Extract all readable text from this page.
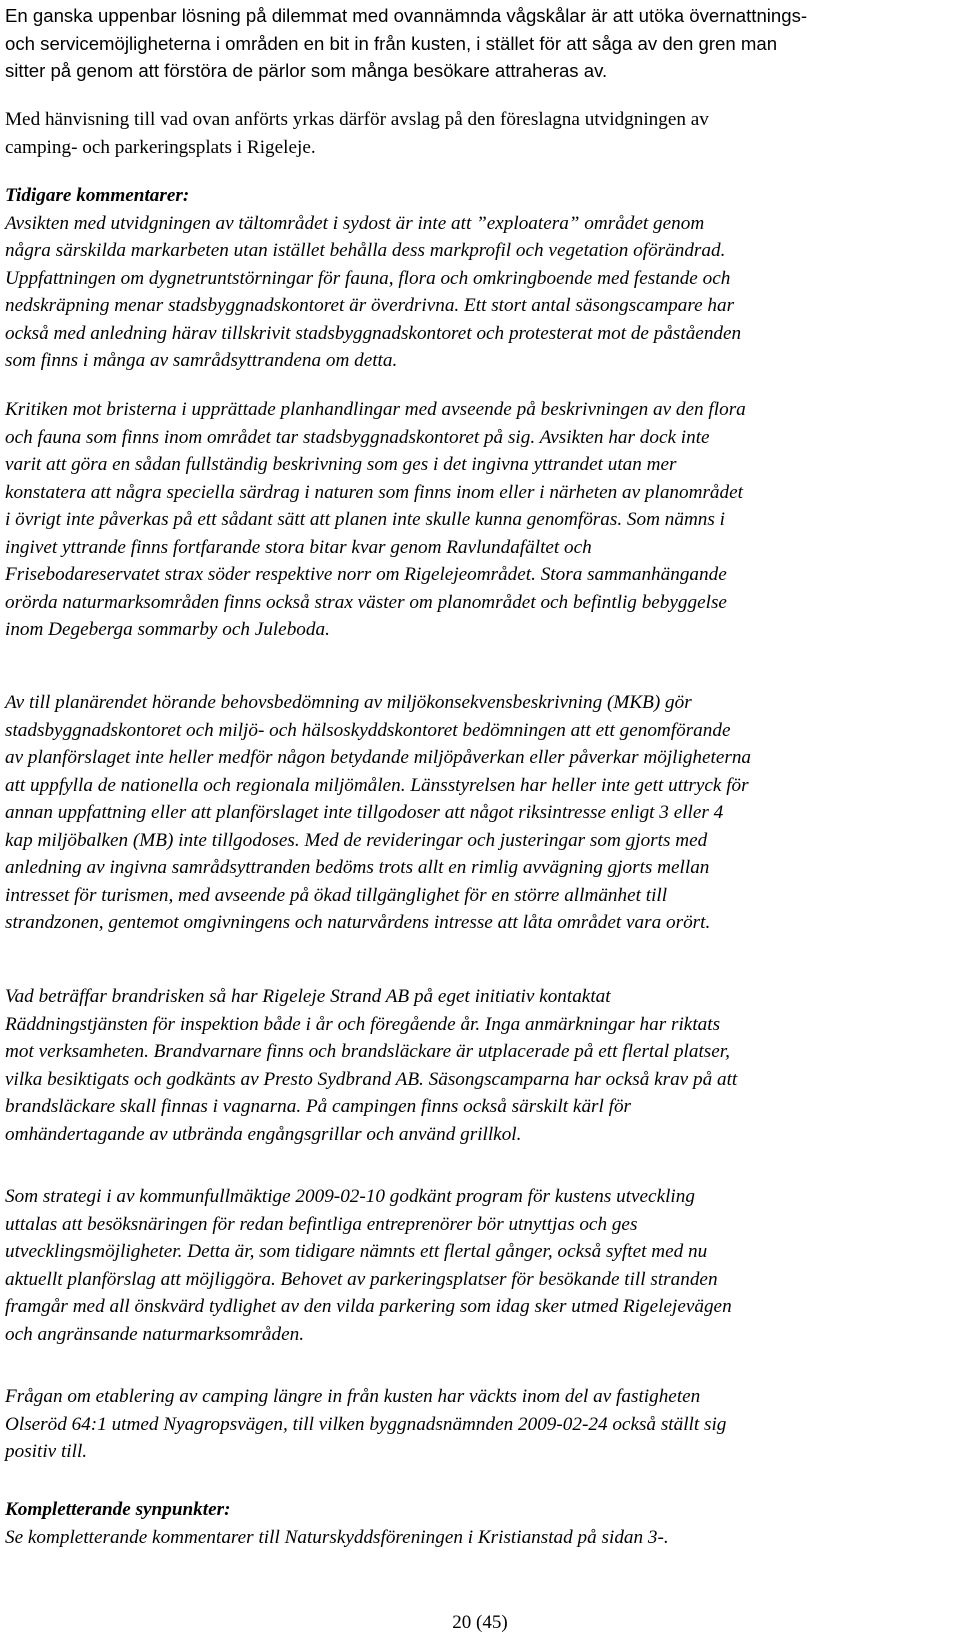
En ganska uppenbar lösning på dilemmat med ovannämnda vågskålar är att utöka övernattnings-
och servicemöjligheterna i områden en bit in från kusten, i stället för att såga av den gren man
sitter på genom att förstöra de pärlor som många besökare attraheras av.
Med hänvisning till vad ovan anförts yrkas därför avslag på den föreslagna utvidgningen av
camping- och parkeringsplats i Rigeleje.
Tidigare kommentarer:
Avsikten med utvidgningen av tältområdet i sydost är inte att ”exploatera” området genom
några särskilda markarbeten utan istället behålla dess markprofil och vegetation oförändrad.
Uppfattningen om dygnetruntstörningar för fauna, flora och omkringboende med festande och
nedskräpning menar stadsbyggnadskontoret är överdrivna. Ett stort antal säsongscampare har
också med anledning härav tillskrivit stadsbyggnadskontoret och protesterat mot de påståenden
som finns i många av samrådsyttrandena om detta.
Kritiken mot bristerna i upprättade planhandlingar med avseende på beskrivningen av den flora
och fauna som finns inom området tar stadsbyggnadskontoret på sig. Avsikten har dock inte
varit att göra en sådan fullständig beskrivning som ges i det ingivna yttrandet utan mer
konstatera att några speciella särdrag i naturen som finns inom eller i närheten av planområdet
i övrigt inte påverkas på ett sådant sätt att planen inte skulle kunna genomföras. Som nämns i
ingivet yttrande finns fortfarande stora bitar kvar genom Ravlundafältet och
Frisebodareservatet strax söder respektive norr om Rigelejeområdet. Stora sammanhängande
orörda naturmarksområden finns också strax väster om planområdet och befintlig bebyggelse
inom Degeberga sommarby och Juleboda.
Av till planärendet hörande behovsbedömning av miljökonsekvensbeskrivning (MKB) gör
stadsbyggnadskontoret och miljö- och hälsoskyddskontoret bedömningen att ett genomförande
av planförslaget inte heller medför någon betydande miljöpåverkan eller påverkar möjligheterna
att uppfylla de nationella och regionala miljömålen. Länsstyrelsen har heller inte gett uttryck för
annan uppfattning eller att planförslaget inte tillgodoser att något riksintresse enligt 3 eller 4
kap miljöbalken (MB) inte tillgodoses. Med de revideringar och justeringar som gjorts med
anledning av ingivna samrådsyttranden bedöms trots allt en rimlig avvägning gjorts mellan
intresset för turismen, med avseende på ökad tillgänglighet för en större allmänhet till
strandzonen, gentemot omgivningens och naturvårdens intresse att låta området vara orört.
Vad beträffar brandrisken så har Rigeleje Strand AB på eget initiativ kontaktat
Räddningstjänsten för inspektion både i år och föregående år. Inga anmärkningar har riktats
mot verksamheten. Brandvarnare finns och brandsläckare är utplacerade på ett flertal platser,
vilka besiktigats och godkänts av Presto Sydbrand AB. Säsongscamparna har också krav på att
brandsläckare skall finnas i vagnarna. På campingen finns också särskilt kärl för
omhändertagande av utbrända engångsgrillar och använd grillkol.
Som strategi i av kommunfullmäktige 2009-02-10 godkänt program för kustens utveckling
uttalas att besöksnäringen för redan befintliga entreprenörer bör utnyttjas och ges
utvecklingsmöjligheter. Detta är, som tidigare nämnts ett flertal gånger, också syftet med nu
aktuellt planförslag att möjliggöra. Behovet av parkeringsplatser för besökande till stranden
framgår med all önskvärd tydlighet av den vilda parkering som idag sker utmed Rigelejevägen
och angränsande naturmarksområden.
Frågan om etablering av camping längre in från kusten har väckts inom del av fastigheten
Olseröd 64:1 utmed Nyagropsvägen, till vilken byggnadsnämnden 2009-02-24 också ställt sig
positiv till.
Kompletterande synpunkter:
Se kompletterande kommentarer till Naturskyddsföreningen i Kristianstad på sidan 3-.
20 (45)
